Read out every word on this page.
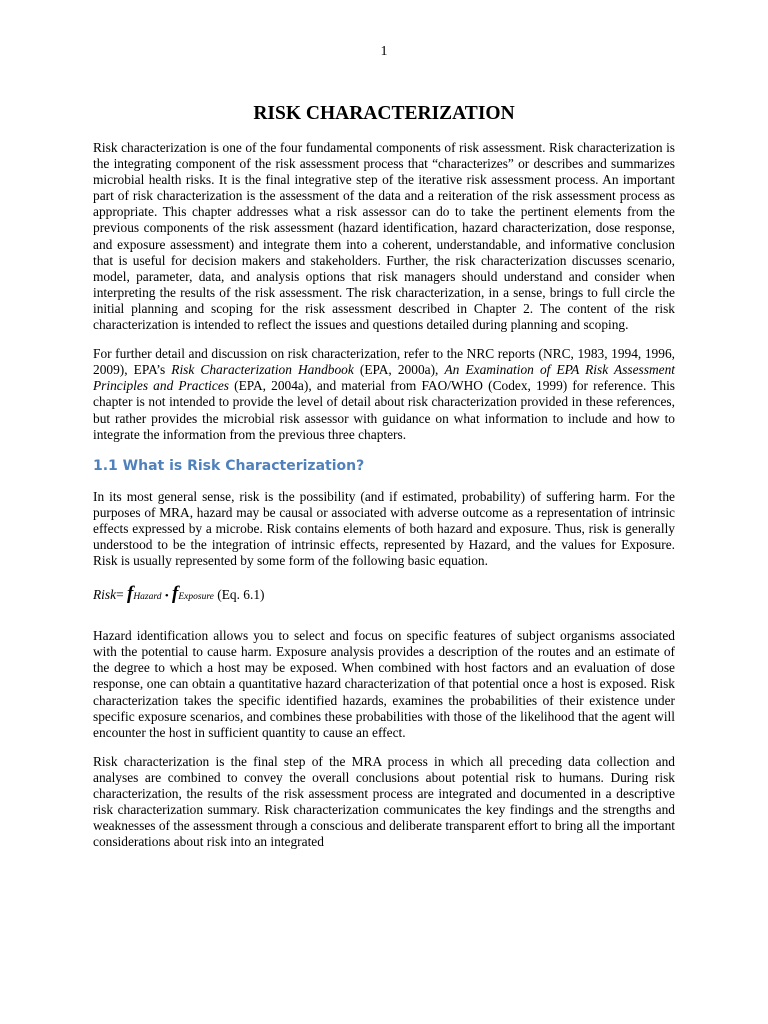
1
RISK CHARACTERIZATION

Risk characterization is one of the four fundamental components of risk assessment. Risk characterization is the integrating component of the risk assessment process that “characterizes” or describes and summarizes microbial health risks. It is the final integrative step of the iterative risk assessment process. An important part of risk characterization is the assessment of the data and a reiteration of the risk assessment process as appropriate. This chapter addresses what a risk assessor can do to take the pertinent elements from the previous components of the risk assessment (hazard identification, hazard characterization, dose response, and exposure assessment) and integrate them into a coherent, understandable, and informative conclusion that is useful for decision makers and stakeholders. Further, the risk characterization discusses scenario, model, parameter, data, and analysis options that risk managers should understand and consider when interpreting the results of the risk assessment. The risk characterization, in a sense, brings to full circle the initial planning and scoping for the risk assessment described in Chapter 2. The content of the risk characterization is intended to reflect the issues and questions detailed during planning and scoping.

For further detail and discussion on risk characterization, refer to the NRC reports (NRC, 1983, 1994, 1996, 2009), EPA’s Risk Characterization Handbook (EPA, 2000a), An Examination of EPA Risk Assessment Principles and Practices (EPA, 2004a), and material from FAO/WHO (Codex, 1999) for reference. This chapter is not intended to provide the level of detail about risk characterization provided in these references, but rather provides the microbial risk assessor with guidance on what information to include and how to integrate the information from the previous three chapters.

1.1 What is Risk Characterization?

In its most general sense, risk is the possibility (and if estimated, probability) of suffering harm. For the purposes of MRA, hazard may be causal or associated with adverse outcome as a representation of intrinsic effects expressed by a microbe. Risk contains elements of both hazard and exposure. Thus, risk is generally understood to be the integration of intrinsic effects, represented by Hazard, and the values for Exposure. Risk is usually represented by some form of the following basic equation.

Risk= fHazard • fExposure (Eq. 6.1)

Hazard identification allows you to select and focus on specific features of subject organisms associated with the potential to cause harm. Exposure analysis provides a description of the routes and an estimate of the degree to which a host may be exposed. When combined with host factors and an evaluation of dose response, one can obtain a quantitative hazard characterization of that potential once a host is exposed. Risk characterization takes the specific identified hazards, examines the probabilities of their existence under specific exposure scenarios, and combines these probabilities with those of the likelihood that the agent will encounter the host in sufficient quantity to cause an effect.

Risk characterization is the final step of the MRA process in which all preceding data collection and analyses are combined to convey the overall conclusions about potential risk to humans. During risk characterization, the results of the risk assessment process are integrated and documented in a descriptive risk characterization summary. Risk characterization communicates the key findings and the strengths and weaknesses of the assessment through a conscious and deliberate transparent effort to bring all the important considerations about risk into an integrated
